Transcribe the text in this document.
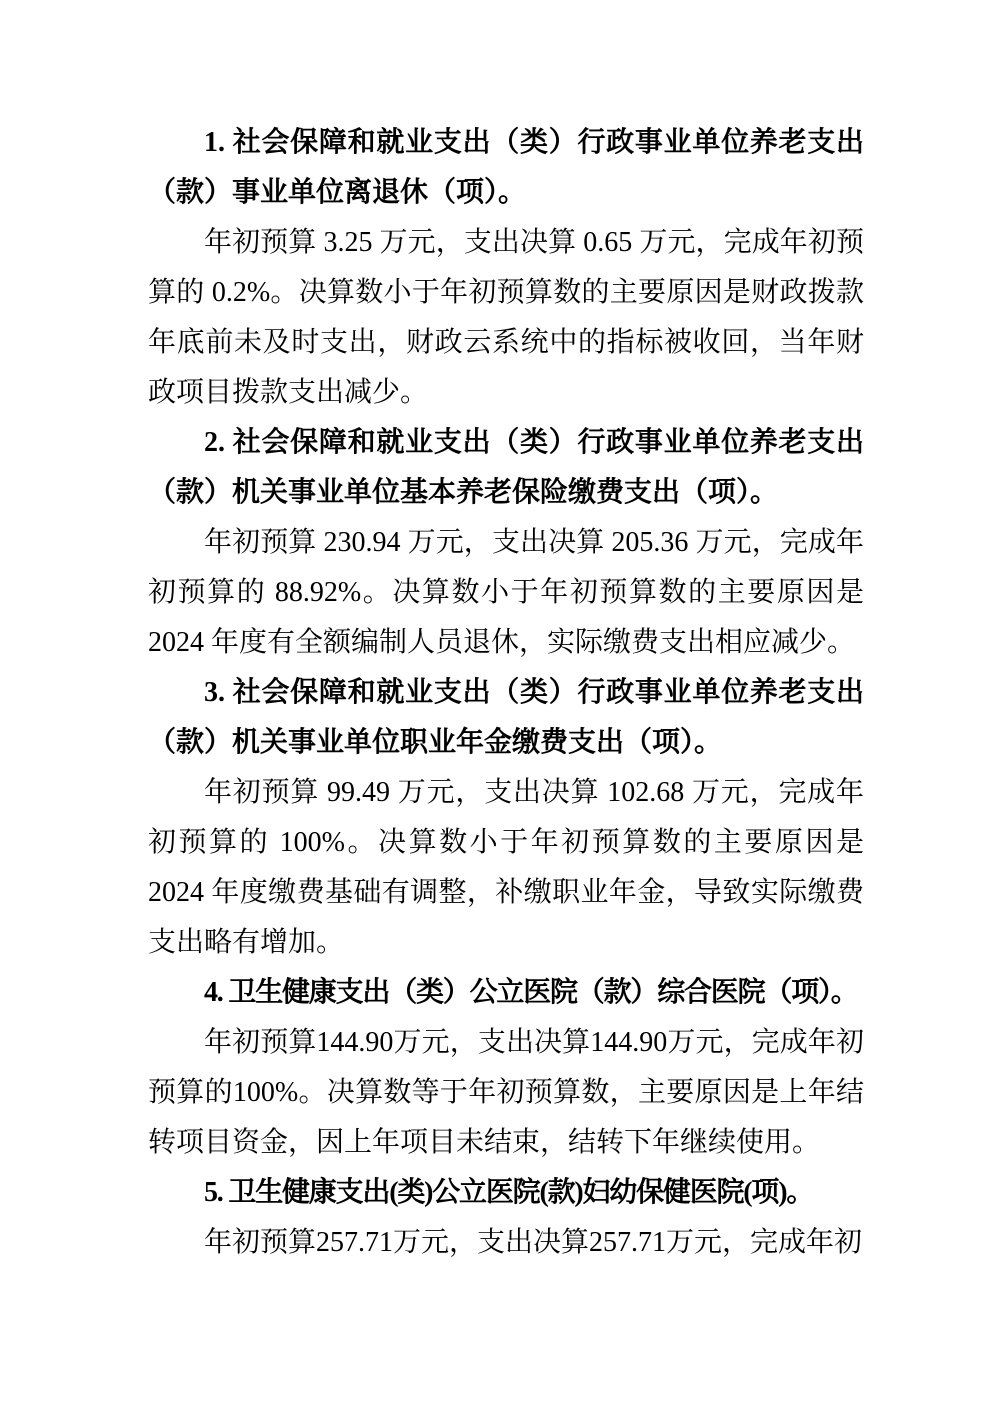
1. 社会保障和就业支出（类）行政事业单位养老支出（款）事业单位离退休（项）。

年初预算 3.25 万元，支出决算 0.65 万元，完成年初预算的 0.2%。决算数小于年初预算数的主要原因是财政拨款年底前未及时支出，财政云系统中的指标被收回，当年财政项目拨款支出减少。

2. 社会保障和就业支出（类）行政事业单位养老支出（款）机关事业单位基本养老保险缴费支出（项）。

年初预算 230.94 万元，支出决算 205.36 万元，完成年初预算的 88.92%。决算数小于年初预算数的主要原因是 2024 年度有全额编制人员退休，实际缴费支出相应减少。

3. 社会保障和就业支出（类）行政事业单位养老支出（款）机关事业单位职业年金缴费支出（项）。

年初预算 99.49 万元，支出决算 102.68 万元，完成年初预算的 100%。决算数小于年初预算数的主要原因是 2024 年度缴费基础有调整，补缴职业年金，导致实际缴费支出略有增加。

4. 卫生健康支出（类）公立医院（款）综合医院（项）。

年初预算144.90万元，支出决算144.90万元，完成年初预算的100%。决算数等于年初预算数，主要原因是上年结转项目资金，因上年项目未结束，结转下年继续使用。

5. 卫生健康支出(类)公立医院(款)妇幼保健医院(项)。

年初预算257.71万元，支出决算257.71万元，完成年初
